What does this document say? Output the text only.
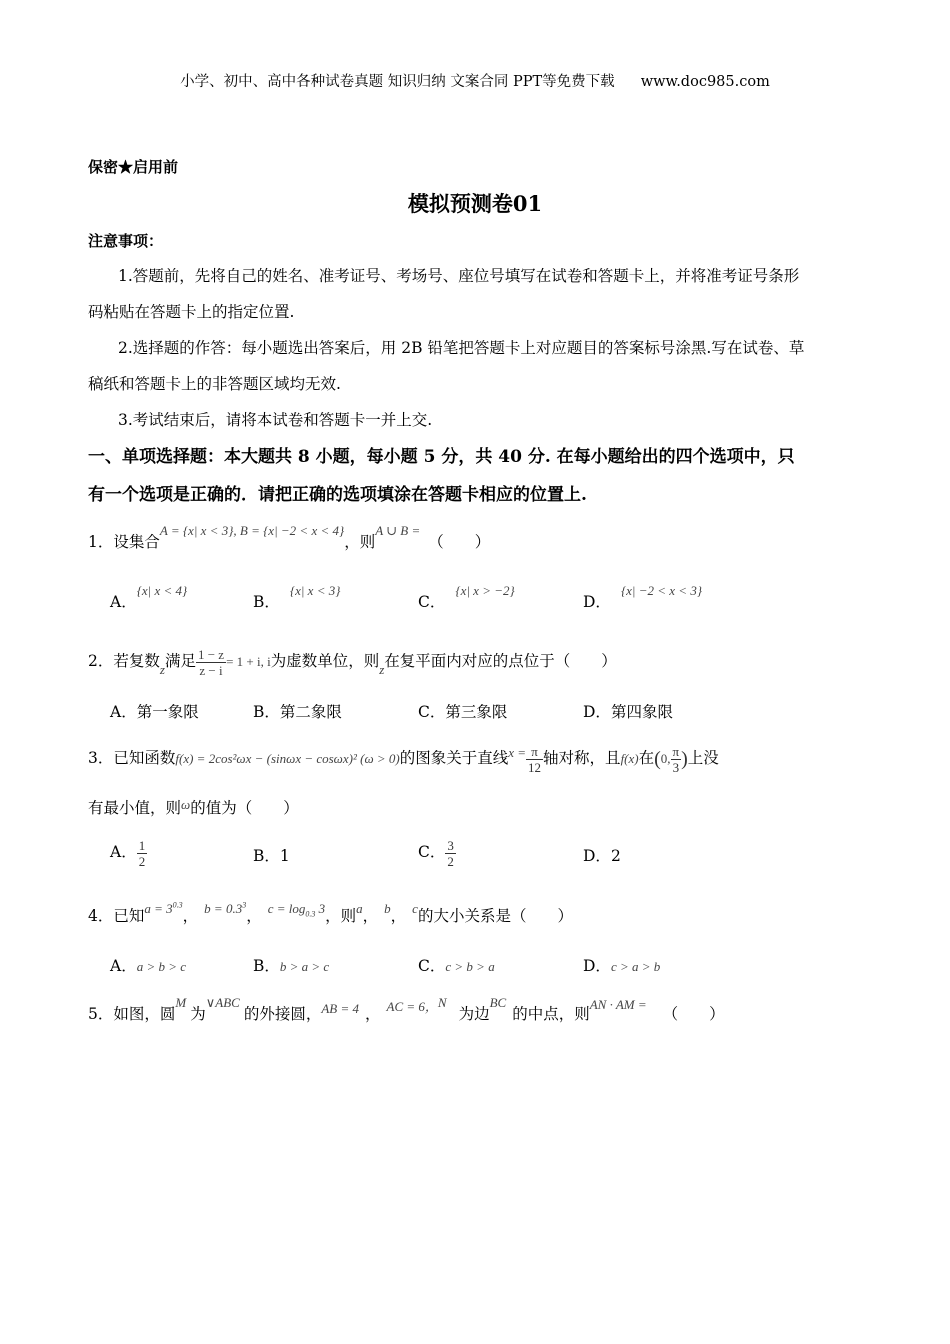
小学、初中、高中各种试卷真题 知识归纳 文案合同 PPT等免费下载 www.doc985.com
保密★启用前
模拟预测卷01
注意事项：
1.答题前，先将自己的姓名、准考证号、考场号、座位号填写在试卷和答题卡上，并将准考证号条形
码粘贴在答题卡上的指定位置.
2.选择题的作答：每小题选出答案后，用 2B 铅笔把答题卡上对应题目的答案标号涂黑.写在试卷、草
稿纸和答题卡上的非答题区域均无效.
3.考试结束后，请将本试卷和答题卡一并上交.
一、单项选择题：本大题共 8 小题，每小题 5 分，共 40 分. 在每小题给出的四个选项中，只
有一个选项是正确的．请把正确的选项填涂在答题卡相应的位置上.
1．设集合$^{A = \{x| x < 3\}, B = \{x| -2 < x < 4\}}$，则$^{A \cup B =}$（　　）
A．$^{\{x| x < 4\}}$
B．$^{\{x| x < 3\}}$
C．$^{\{x| x > -2\}}$
D．$^{\{x| -2 < x < 3\}}$
2．若复数$_z$满足 $\frac{1 - z}{z - i} = 1 + i$, i为虚数单位，则$_z$在复平面内对应的点位于（　　）
A．第一象限	B．第二象限	C．第三象限	D．第四象限
3．已知函数f(x) = 2cos²ωx − (sinωx − cosωx)² (ω > 0)的图象关于直线$^{x =} \frac{\pi}{12}$ 轴对称，且f(x)在(0, $\frac{\pi}{3}$ )上没
有最小值，则$^\omega$的值为（　　）
A． $\frac{1}{2}$	B．1	C． $\frac{3}{2}$	D．2
4．已知$^{a = 3^{0.3}}$， $^{b = 0.3^3}$， $^{c = log_{0.3} 3}$，则$^a$， $^b$， $^c$的大小关系是（　　）
A．a > b > c	B．b > a > c	C．c > b > a	D．c > a > b
5．如图，圆$^M$为$^{\vee ABC}$的外接圆，$^{AB = 4}$ ， $^{AC = 6,N}$为边$^{BC}$的中点，则$^{AN \cdot AM =}$（　　）
